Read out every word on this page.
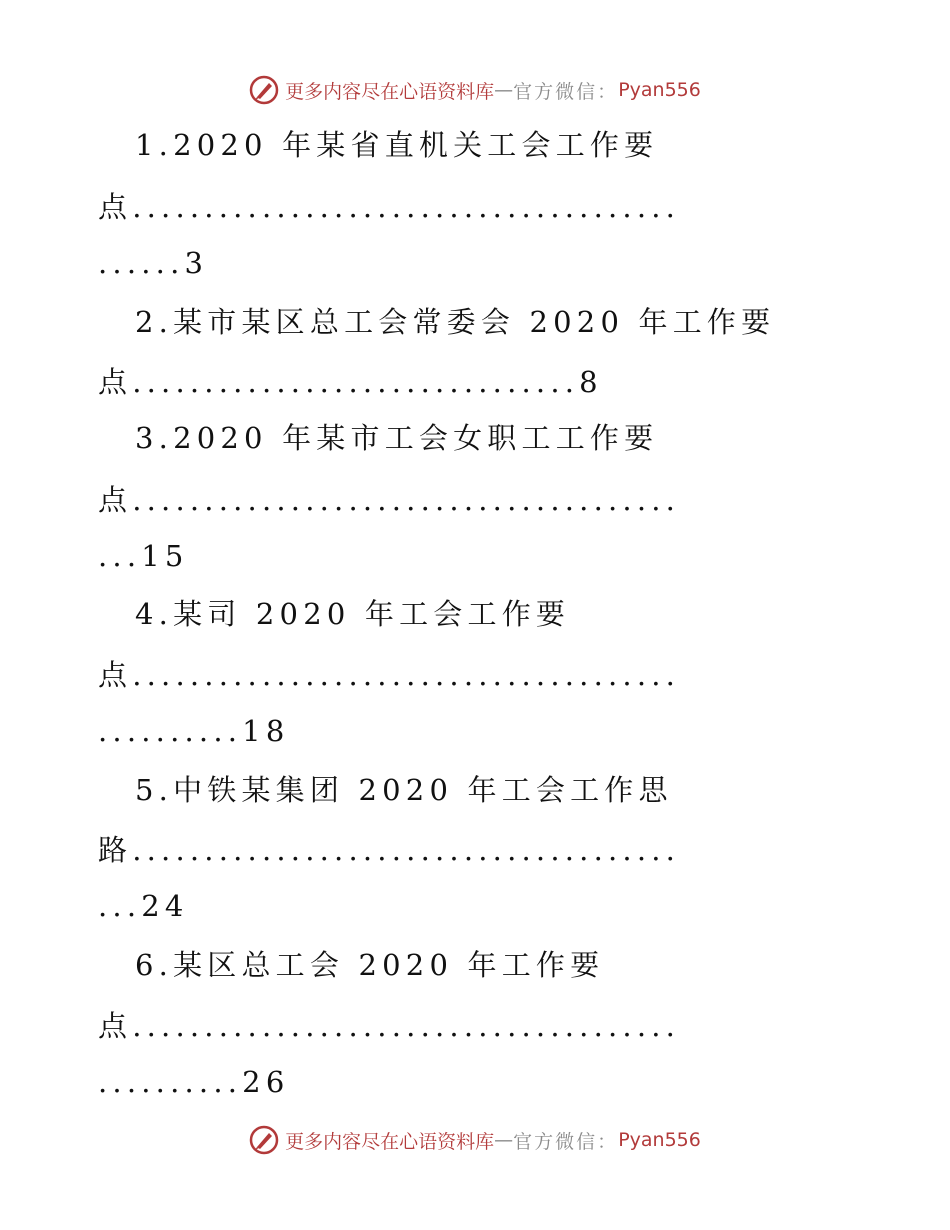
更多内容尽在心语资料库 — 官方微信： Pyan556
1.2020 年某省直机关工会工作要
点......................................
......3
2.某市某区总工会常委会 2020 年工作要
点...............................8
3.2020 年某市工会女职工工作要
点......................................
...15
4.某司 2020 年工会工作要
点......................................
..........18
5.中铁某集团 2020 年工会工作思
路......................................
...24
6.某区总工会 2020 年工作要
点......................................
..........26
更多内容尽在心语资料库 — 官方微信： Pyan556
